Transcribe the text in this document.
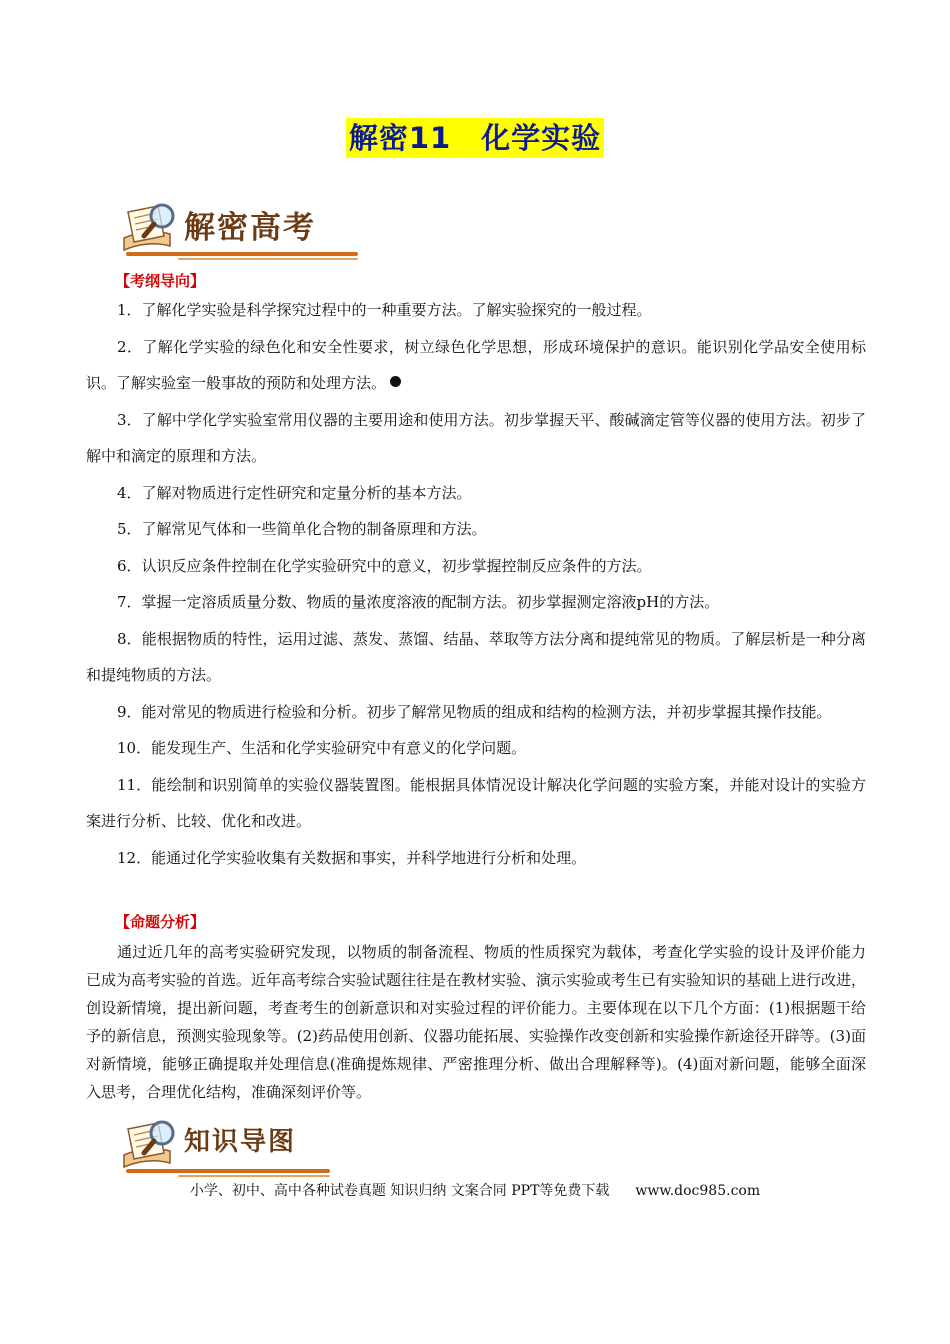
解密11　化学实验
解密高考
【考纲导向】

1．了解化学实验是科学探究过程中的一种重要方法。了解实验探究的一般过程。

2．了解化学实验的绿色化和安全性要求，树立绿色化学思想，形成环境保护的意识。能识别化学品安全使用标识。了解实验室一般事故的预防和处理方法。

3．了解中学化学实验室常用仪器的主要用途和使用方法。初步掌握天平、酸碱滴定管等仪器的使用方法。初步了解中和滴定的原理和方法。

4．了解对物质进行定性研究和定量分析的基本方法。

5．了解常见气体和一些简单化合物的制备原理和方法。

6．认识反应条件控制在化学实验研究中的意义，初步掌握控制反应条件的方法。

7．掌握一定溶质质量分数、物质的量浓度溶液的配制方法。初步掌握测定溶液pH的方法。

8．能根据物质的特性，运用过滤、蒸发、蒸馏、结晶、萃取等方法分离和提纯常见的物质。了解层析是一种分离和提纯物质的方法。

9．能对常见的物质进行检验和分析。初步了解常见物质的组成和结构的检测方法，并初步掌握其操作技能。

10．能发现生产、生活和化学实验研究中有意义的化学问题。

11．能绘制和识别简单的实验仪器装置图。能根据具体情况设计解决化学问题的实验方案，并能对设计的实验方案进行分析、比较、优化和改进。

12．能通过化学实验收集有关数据和事实，并科学地进行分析和处理。

【命题分析】

通过近几年的高考实验研究发现，以物质的制备流程、物质的性质探究为载体，考查化学实验的设计及评价能力已成为高考实验的首选。近年高考综合实验试题往往是在教材实验、演示实验或考生已有实验知识的基础上进行改进，创设新情境，提出新问题，考查考生的创新意识和对实验过程的评价能力。主要体现在以下几个方面：(1)根据题干给予的新信息，预测实验现象等。(2)药品使用创新、仪器功能拓展、实验操作改变创新和实验操作新途径开辟等。(3)面对新情境，能够正确提取并处理信息(准确提炼规律、严密推理分析、做出合理解释等)。(4)面对新问题，能够全面深入思考，合理优化结构，准确深刻评价等。

知识导图
小学、初中、高中各种试卷真题 知识归纳 文案合同 PPT等免费下载 www.doc985.com
